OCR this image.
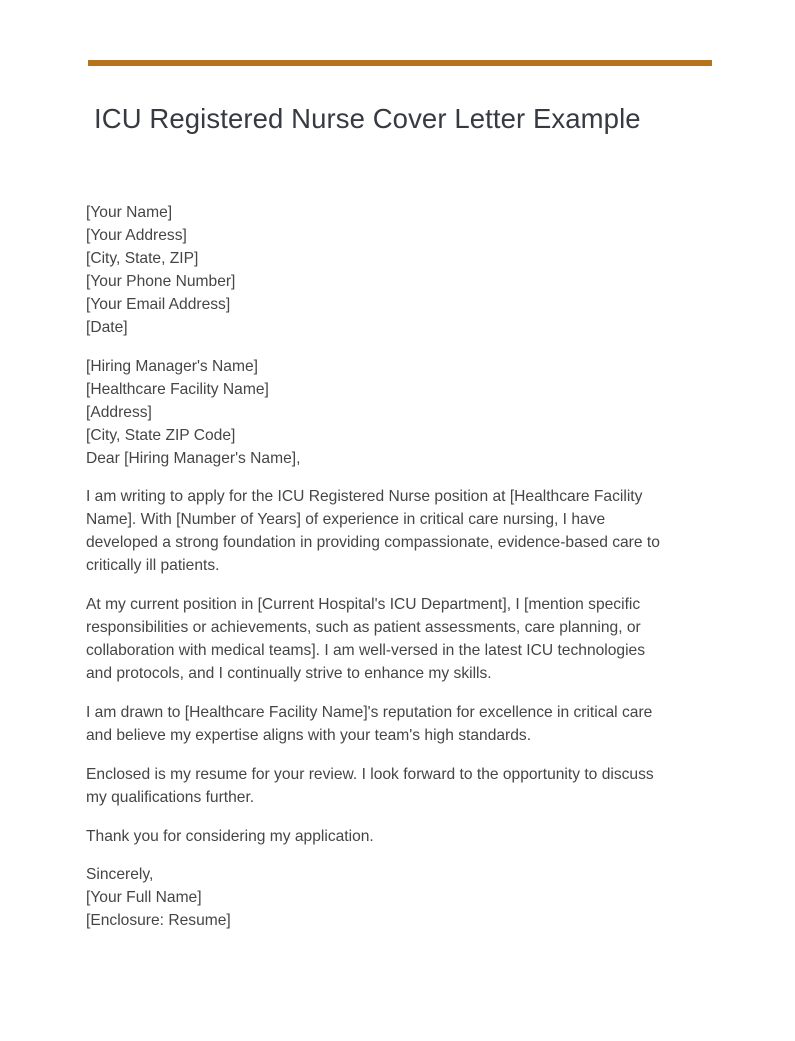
ICU Registered Nurse Cover Letter Example
[Your Name]
[Your Address]
[City, State, ZIP]
[Your Phone Number]
[Your Email Address]
[Date]
[Hiring Manager's Name]
[Healthcare Facility Name]
[Address]
[City, State ZIP Code]
Dear [Hiring Manager's Name],
I am writing to apply for the ICU Registered Nurse position at [Healthcare Facility
Name]. With [Number of Years] of experience in critical care nursing, I have
developed a strong foundation in providing compassionate, evidence-based care to
critically ill patients.
At my current position in [Current Hospital's ICU Department], I [mention specific
responsibilities or achievements, such as patient assessments, care planning, or
collaboration with medical teams]. I am well-versed in the latest ICU technologies
and protocols, and I continually strive to enhance my skills.
I am drawn to [Healthcare Facility Name]'s reputation for excellence in critical care
and believe my expertise aligns with your team's high standards.
Enclosed is my resume for your review. I look forward to the opportunity to discuss
my qualifications further.
Thank you for considering my application.
Sincerely,
[Your Full Name]
[Enclosure: Resume]
